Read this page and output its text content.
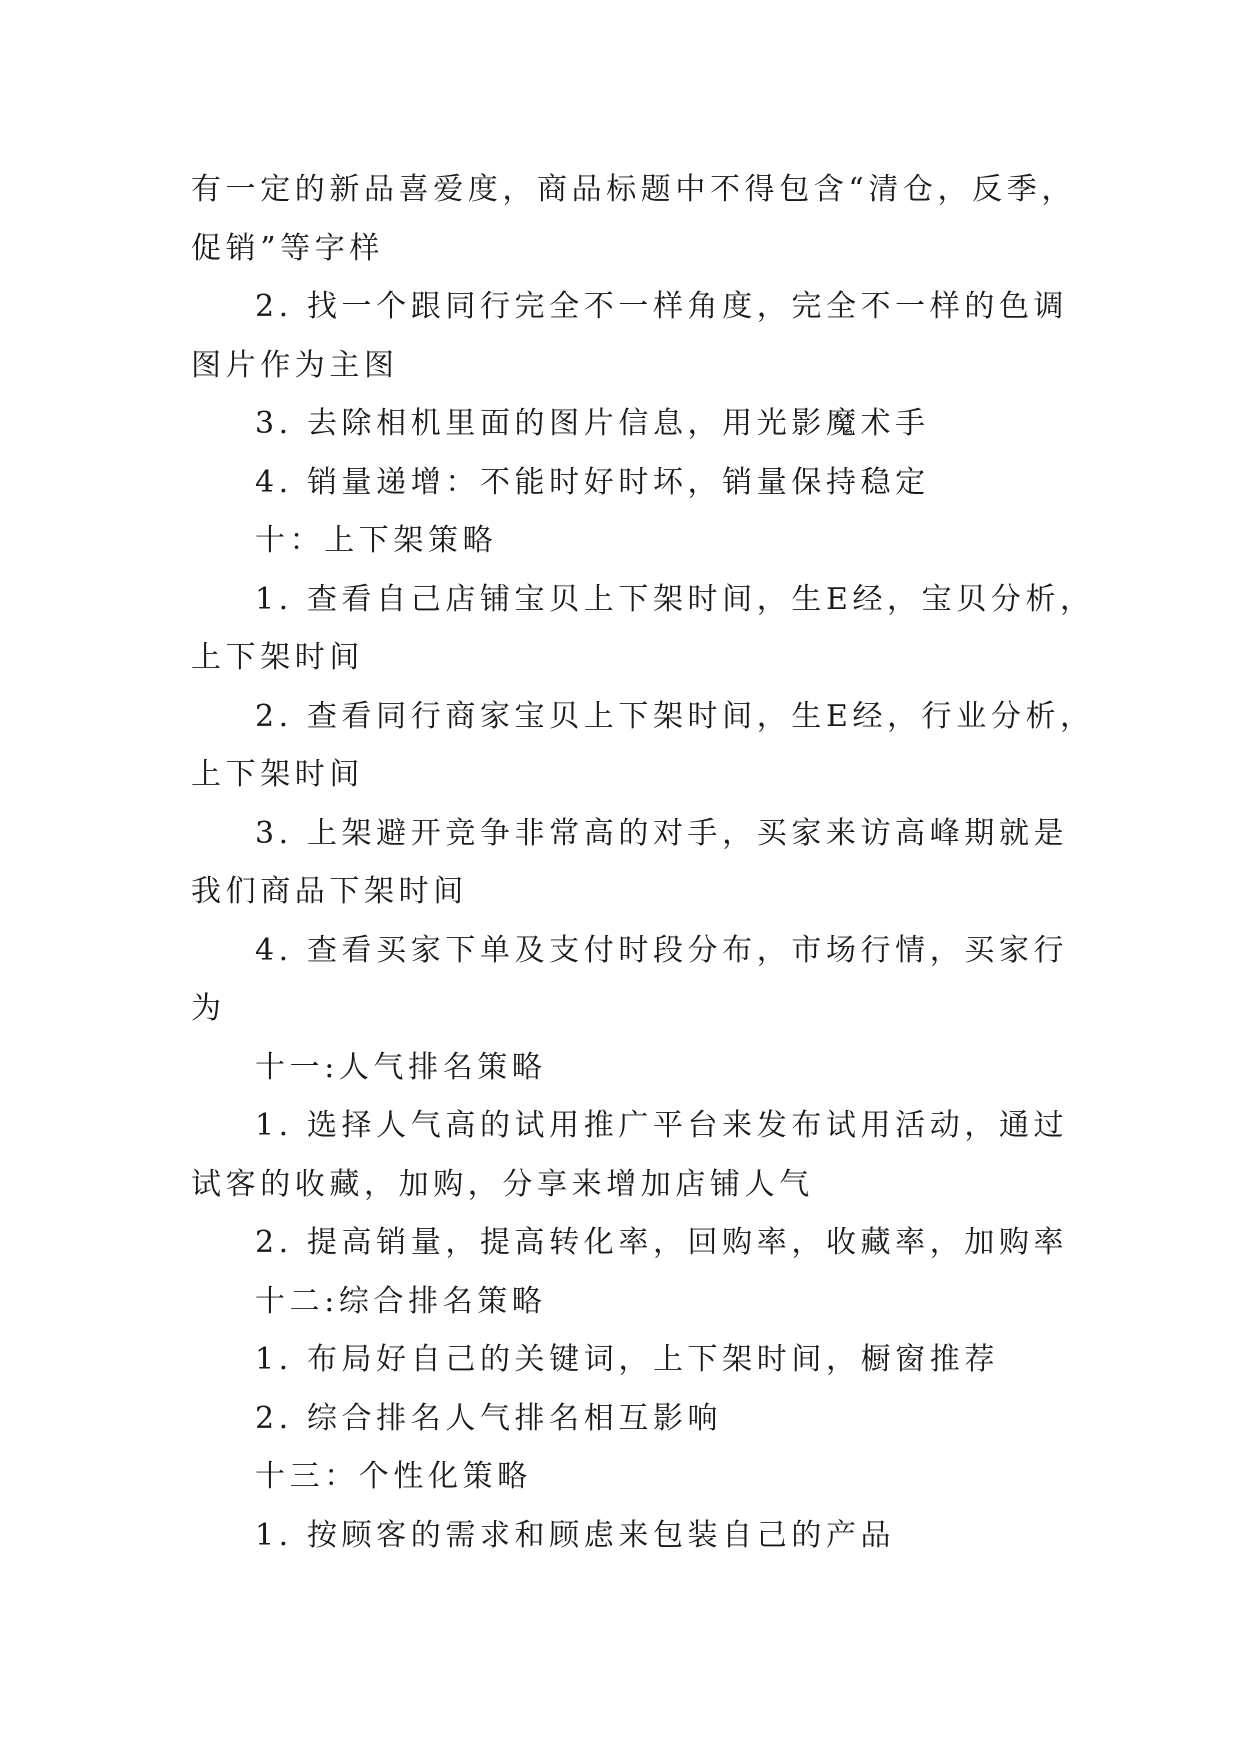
有一定的新品喜爱度，商品标题中不得包含“清仓，反季，
促销”等字样
2. 找一个跟同行完全不一样角度，完全不一样的色调
图片作为主图
3. 去除相机里面的图片信息，用光影魔术手
4. 销量递增：不能时好时坏，销量保持稳定
十：上下架策略
1. 查看自己店铺宝贝上下架时间，生E经，宝贝分析，
上下架时间
2. 查看同行商家宝贝上下架时间，生E经，行业分析，
上下架时间
3. 上架避开竞争非常高的对手，买家来访高峰期就是
我们商品下架时间
4. 查看买家下单及支付时段分布，市场行情，买家行
为
十一:人气排名策略
1. 选择人气高的试用推广平台来发布试用活动，通过
试客的收藏，加购，分享来增加店铺人气
2. 提高销量，提高转化率，回购率，收藏率，加购率
十二:综合排名策略
1. 布局好自己的关键词，上下架时间，橱窗推荐
2. 综合排名人气排名相互影响
十三：个性化策略
1. 按顾客的需求和顾虑来包装自己的产品
